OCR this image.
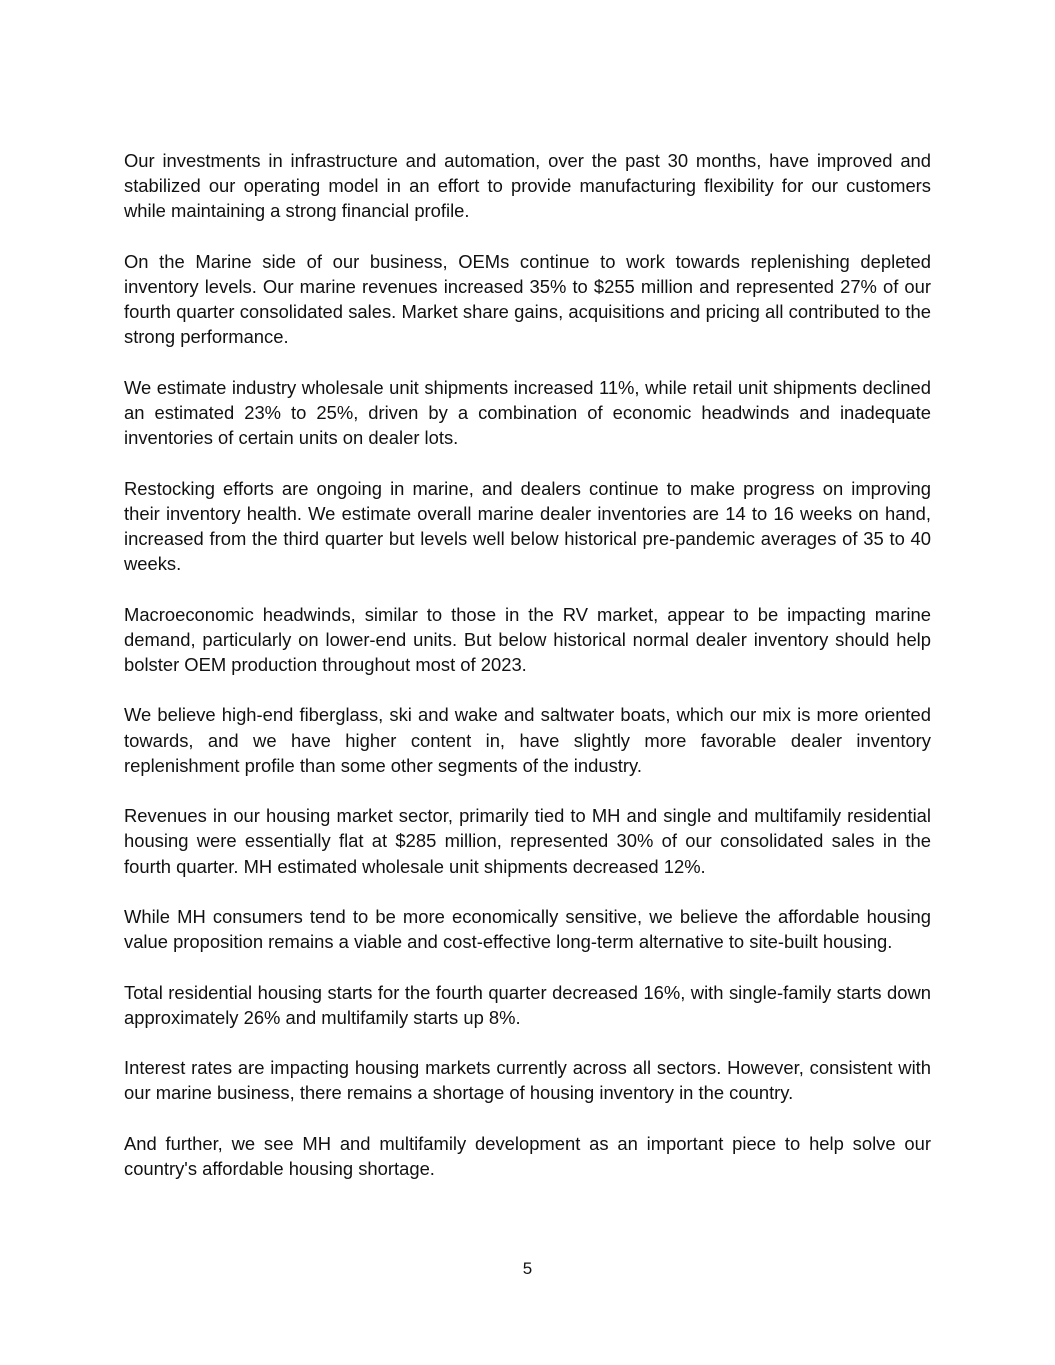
Our investments in infrastructure and automation, over the past 30 months, have improved and stabilized our operating model in an effort to provide manufacturing flexibility for our customers while maintaining a strong financial profile.

On the Marine side of our business, OEMs continue to work towards replenishing depleted inventory levels. Our marine revenues increased 35% to $255 million and represented 27% of our fourth quarter consolidated sales. Market share gains, acquisitions and pricing all contributed to the strong performance.

We estimate industry wholesale unit shipments increased 11%, while retail unit shipments declined an estimated 23% to 25%, driven by a combination of economic headwinds and inadequate inventories of certain units on dealer lots.

Restocking efforts are ongoing in marine, and dealers continue to make progress on improving their inventory health. We estimate overall marine dealer inventories are 14 to 16 weeks on hand, increased from the third quarter but levels well below historical pre-pandemic averages of 35 to 40 weeks.

Macroeconomic headwinds, similar to those in the RV market, appear to be impacting marine demand, particularly on lower-end units. But below historical normal dealer inventory should help bolster OEM production throughout most of 2023.

We believe high-end fiberglass, ski and wake and saltwater boats, which our mix is more oriented towards, and we have higher content in, have slightly more favorable dealer inventory replenishment profile than some other segments of the industry.

Revenues in our housing market sector, primarily tied to MH and single and multifamily residential housing were essentially flat at $285 million, represented 30% of our consolidated sales in the fourth quarter. MH estimated wholesale unit shipments decreased 12%.

While MH consumers tend to be more economically sensitive, we believe the affordable housing value proposition remains a viable and cost-effective long-term alternative to site-built housing.

Total residential housing starts for the fourth quarter decreased 16%, with single-family starts down approximately 26% and multifamily starts up 8%.

Interest rates are impacting housing markets currently across all sectors. However, consistent with our marine business, there remains a shortage of housing inventory in the country.

And further, we see MH and multifamily development as an important piece to help solve our country's affordable housing shortage.

5
